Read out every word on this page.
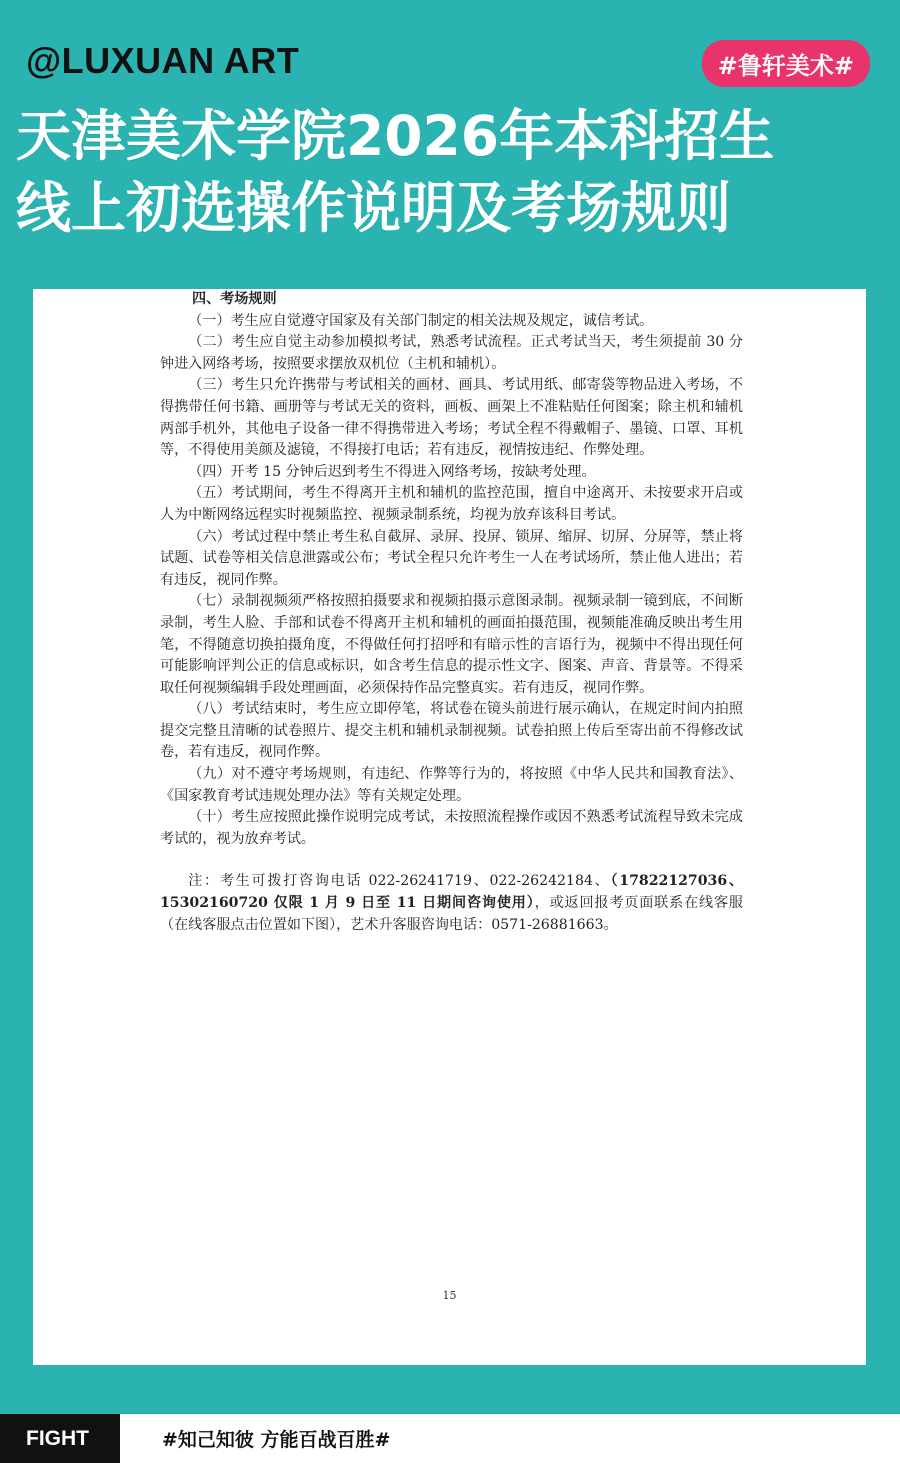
@LUXUAN ART	#鲁轩美术#
天津美术学院2026年本科招生
线上初选操作说明及考场规则
四、考场规则
（一）考生应自觉遵守国家及有关部门制定的相关法规及规定，诚信考试。
（二）考生应自觉主动参加模拟考试，熟悉考试流程。正式考试当天，考生须提前 30 分钟进入网络考场，按照要求摆放双机位（主机和辅机）。
（三）考生只允许携带与考试相关的画材、画具、考试用纸、邮寄袋等物品进入考场，不得携带任何书籍、画册等与考试无关的资料，画板、画架上不准粘贴任何图案；除主机和辅机两部手机外，其他电子设备一律不得携带进入考场；考试全程不得戴帽子、墨镜、口罩、耳机等，不得使用美颜及滤镜，不得接打电话；若有违反，视情按违纪、作弊处理。
（四）开考 15 分钟后迟到考生不得进入网络考场，按缺考处理。
（五）考试期间，考生不得离开主机和辅机的监控范围，擅自中途离开、未按要求开启或人为中断网络远程实时视频监控、视频录制系统，均视为放弃该科目考试。
（六）考试过程中禁止考生私自截屏、录屏、投屏、锁屏、缩屏、切屏、分屏等，禁止将试题、试卷等相关信息泄露或公布；考试全程只允许考生一人在考试场所，禁止他人进出；若有违反，视同作弊。
（七）录制视频须严格按照拍摄要求和视频拍摄示意图录制。视频录制一镜到底，不间断录制，考生人脸、手部和试卷不得离开主机和辅机的画面拍摄范围，视频能准确反映出考生用笔，不得随意切换拍摄角度，不得做任何打招呼和有暗示性的言语行为，视频中不得出现任何可能影响评判公正的信息或标识，如含考生信息的提示性文字、图案、声音、背景等。不得采取任何视频编辑手段处理画面，必须保持作品完整真实。若有违反，视同作弊。
（八）考试结束时，考生应立即停笔，将试卷在镜头前进行展示确认，在规定时间内拍照提交完整且清晰的试卷照片、提交主机和辅机录制视频。试卷拍照上传后至寄出前不得修改试卷，若有违反，视同作弊。
（九）对不遵守考场规则，有违纪、作弊等行为的，将按照《中华人民共和国教育法》、《国家教育考试违规处理办法》等有关规定处理。
（十）考生应按照此操作说明完成考试，未按照流程操作或因不熟悉考试流程导致未完成考试的，视为放弃考试。
注：考生可拨打咨询电话 022-26241719、022-26242184、（17822127036、15302160720 仅限 1 月 9 日至 11 日期间咨询使用），或返回报考页面联系在线客服（在线客服点击位置如下图），艺术升客服咨询电话：0571-26881663。
15
FIGHT	#知己知彼 方能百战百胜#
